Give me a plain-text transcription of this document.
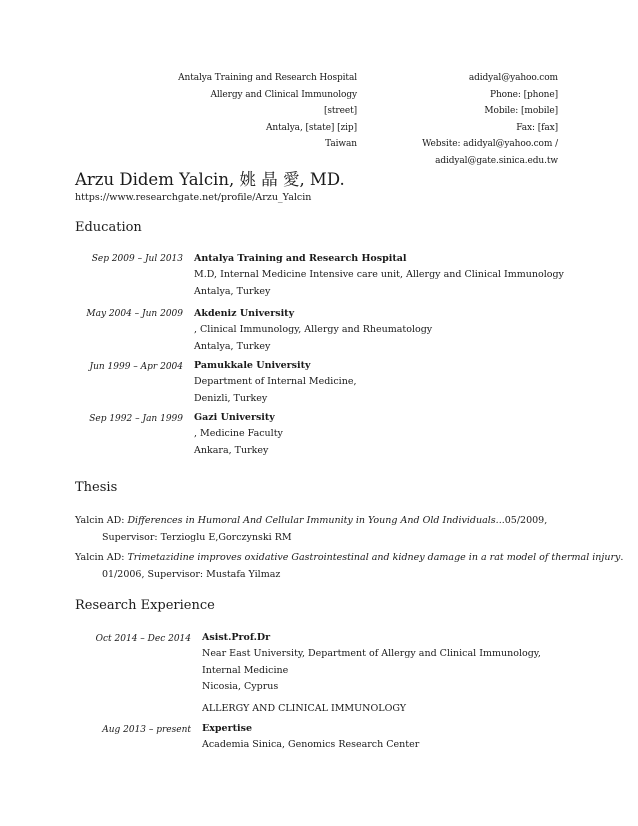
Antalya Training and Research Hospital
Allergy and Clinical Immunology
[street]
Antalya, [state] [zip]
Taiwan
adidyal@yahoo.com
Phone: [phone]
Mobile: [mobile]
Fax: [fax]
Website: adidyal@yahoo.com /
adidyal@gate.sinica.edu.tw
Arzu Didem Yalcin, 姚 晶 愛, MD.
https://www.researchgate.net/profile/Arzu_Yalcin
Education
Sep 2009 – Jul 2013 Antalya Training and Research Hospital
M.D, Internal Medicine Intensive care unit, Allergy and Clinical Immunology
Antalya, Turkey
May 2004 – Jun 2009 Akdeniz University
, Clinical Immunology, Allergy and Rheumatology
Antalya, Turkey
Jun 1999 – Apr 2004 Pamukkale University
Department of Internal Medicine,
Denizli, Turkey
Sep 1992 – Jan 1999 Gazi University
, Medicine Faculty
Ankara, Turkey
Thesis
Yalcin AD: Differences in Humoral And Cellular Immunity in Young And Old Individuals...05/2009,
Supervisor: Terzioglu E,Gorczynski RM
Yalcin AD: Trimetazidine improves oxidative Gastrointestinal and kidney damage in a rat model of thermal injury.
01/2006, Supervisor: Mustafa Yilmaz
Research Experience
Oct 2014 – Dec 2014 Asist.Prof.Dr
Near East University, Department of Allergy and Clinical Immunology,
Internal Medicine
Nicosia, Cyprus
ALLERGY AND CLINICAL IMMUNOLOGY
Aug 2013 – present Expertise
Academia Sinica, Genomics Research Center
